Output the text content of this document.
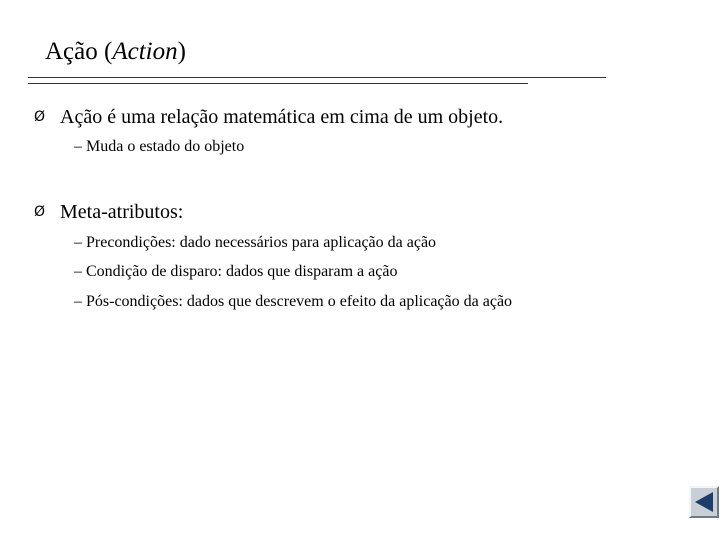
Ação (Action)
Ø Ação é uma relação matemática em cima de um objeto.
– Muda o estado do objeto
Ø Meta-atributos:
– Precondições: dado necessários para aplicação da ação
– Condição de disparo: dados que disparam a ação
– Pós-condições: dados que descrevem o efeito da aplicação da ação
